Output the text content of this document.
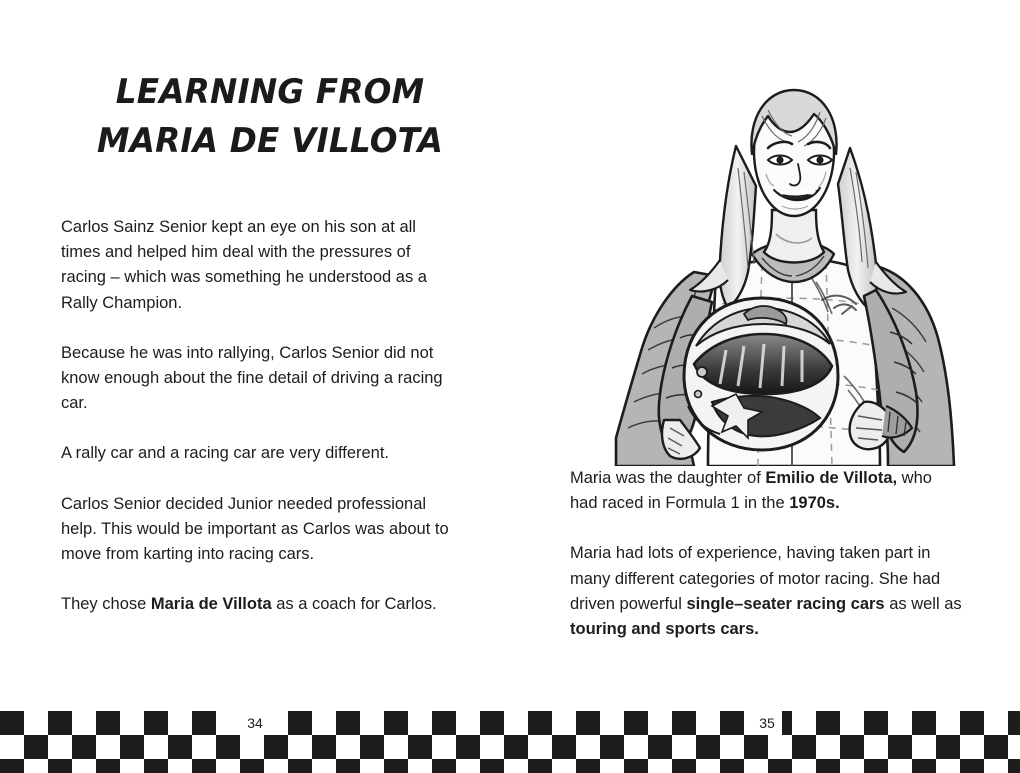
LEARNING FROM
MARIA DE VILLOTA

Carlos Sainz Senior kept an eye on his son at all times and helped him deal with the pressures of racing – which was something he understood as a Rally Champion.

Because he was into rallying, Carlos Senior did not know enough about the fine detail of driving a racing car.

A rally car and a racing car are very different.

Carlos Senior decided Junior needed professional help. This would be important as Carlos was about to move from karting into racing cars.

They chose Maria de Villota as a coach for Carlos.

Maria was the daughter of Emilio de Villota, who had raced in Formula 1 in the 1970s.

Maria had lots of experience, having taken part in many different categories of motor racing. She had driven powerful single–seater racing cars as well as touring and sports cars.

34	35
